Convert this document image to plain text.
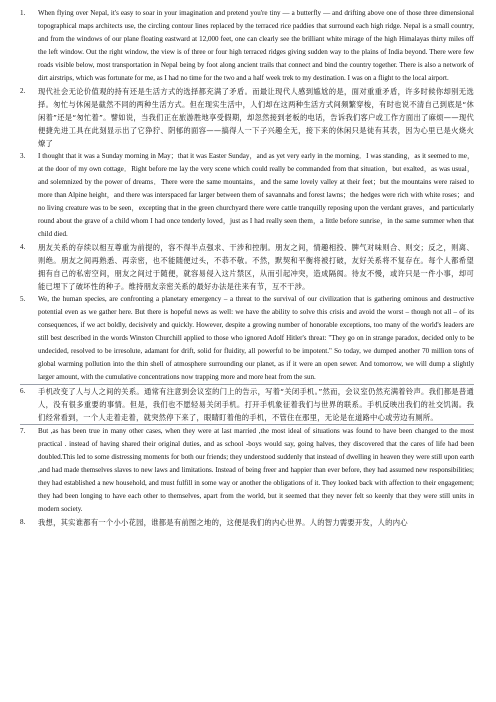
1. When flying over Nepal, it's easy to soar in your imagination and pretend you're tiny — a butterfly — and drifting above one of those three dimensional topographical maps architects use, the circling contour lines replaced by the terraced rice paddies that surround each high ridge. Nepal is a small country, and from the windows of our plane floating eastward at 12,000 feet, one can clearly see the brilliant white mirage of the high Himalayas thirty miles off the left window. Out the right window, the view is of three or four high terraced ridges giving sudden way to the plains of India beyond. There were few roads visible below, most transportation in Nepal being by foot along ancient trails that connect and bind the country together. There is also a network of dirt airstrips, which was fortunate for me, as I had no time for the two and a half week trek to my destination. I was on a flight to the local airport.
2. 现代社会无论价值观的持有还是生活方式的选择都充满了矛盾。而最让现代人感到尴尬的是，面对重重矛盾，许多时候你却别无选择。匆忙与休闲是截然不同的两种生活方式。但在现实生活中，人们却在这两种生活方式间频繁穿梭，有时也说不清自己到底是“休闲着”还是“匆忙着”。譬如说，当我们正在旅游胜地享受假期，却忽然接到老板的电话，告诉我们客户或工作方面出了麻烦——现代便捷先进工具在此刻显示出了它狰狞、阴郁的面容——搞得人一下子兴趣全无，接下来的休闲只是徒有其表，因为心里已是火烧火燎了
3. I thought that it was a Sunday morning in May；that it was Easter Sunday，and as yet very early in the morning．I was standing，as it seemed to me，at the door of my own cottage．Right before me lay the very scene which could really be commanded from that situation，but exalted，as was usual，and solemnized by the power of dreams．There were the same mountains，and the same lovely valley at their feet；but the mountains were raised to more than Alpine height，and there was interspaced far larger between them of savannahs and forest lawns；the hedges were rich with white roses；and no living creature was to be seen，excepting that in the green churchyard there were cattle tranquilly reposing upon the verdant graves，and particularly round about the grave of a child whom I had once tenderly loved，just as I had really seen them，a little before sunrise，in the same summer when that child died.
4. 朋友关系的存续以相互尊重为前提的，容不得半点强求、干涉和控制。朋友之间，情趣相投、脾气对味则合、则交；反之，则离、则绝。朋友之间再熟悉、再亲密，也不能随便过头，不恭不敬。不然，默契和平衡将被打破，友好关系将不复存在。每个人都希望拥有自己的私密空间，朋友之间过于随便，就容易侵入这片禁区，从而引起冲突，造成隔阂。待友不慢，或许只是一件小事，却可能已埋下了破坏性的种子。维持朋友亲密关系的最好办法是往来有节，互不干涉。
5. We, the human species, are confronting a planetary emergency – a threat to the survival of our civilization that is gathering ominous and destructive potential even as we gather here. But there is hopeful news as well: we have the ability to solve this crisis and avoid the worst – though not all – of its consequences, if we act boldly, decisively and quickly. However, despite a growing number of honorable exceptions, too many of the world's leaders are still best described in the words Winston Churchill applied to those who ignored Adolf Hitler's threat: "They go on in strange paradox, decided only to be undecided, resolved to be irresolute, adamant for drift, solid for fluidity, all powerful to be impotent." So today, we dumped another 70 million tons of global warming pollution into the thin shell of atmosphere surrounding our planet, as if it were an open sewer. And tomorrow, we will dump a slightly larger amount, with the cumulative concentrations now trapping more and more heat from the sun.
6. 手机改变了人与人之间的关系。通常有注意到会议室的门上的告示，写着“关闭手机。”然而，会议室仍然充满着铃声。我们都是普通人，没有很多重要的事情。但是，我们也不愿轻易关闭手机。打开手机象征着我们与世界的联系。手机反映出我们的社交饥渴。我们经常看到，一个人走着走着，就突然停下来了，眼睛盯着他的手机，不管住在那里，无论是在道路中心或劳边有厕所。
7. But ,as has been true in many other cases, when they were at last married ,the most ideal of situations was found to have been changed to the most practical . instead of having shared their original duties, and as school -boys would say, going halves, they discovered that the cares of life had been doubled.This led to some distressing moments for both our friends; they understood suddenly that instead of dwelling in heaven they were still upon earth ,and had made themselves slaves to new laws and limitations. Instead of being freer and happier than ever before, they had assumed new responsibilities; they had established a new household, and must fulfill in some way or another the obligations of it. They looked back with affection to their engagement; they had been longing to have each other to themselves, apart from the world, but it seemed that they never felt so keenly that they were still units in modern society.
8. 我想，其实谁都有一个小小花园，谁都是有前图之地的，这便是我们的内心世界。人的智力需要开发，人的内心
